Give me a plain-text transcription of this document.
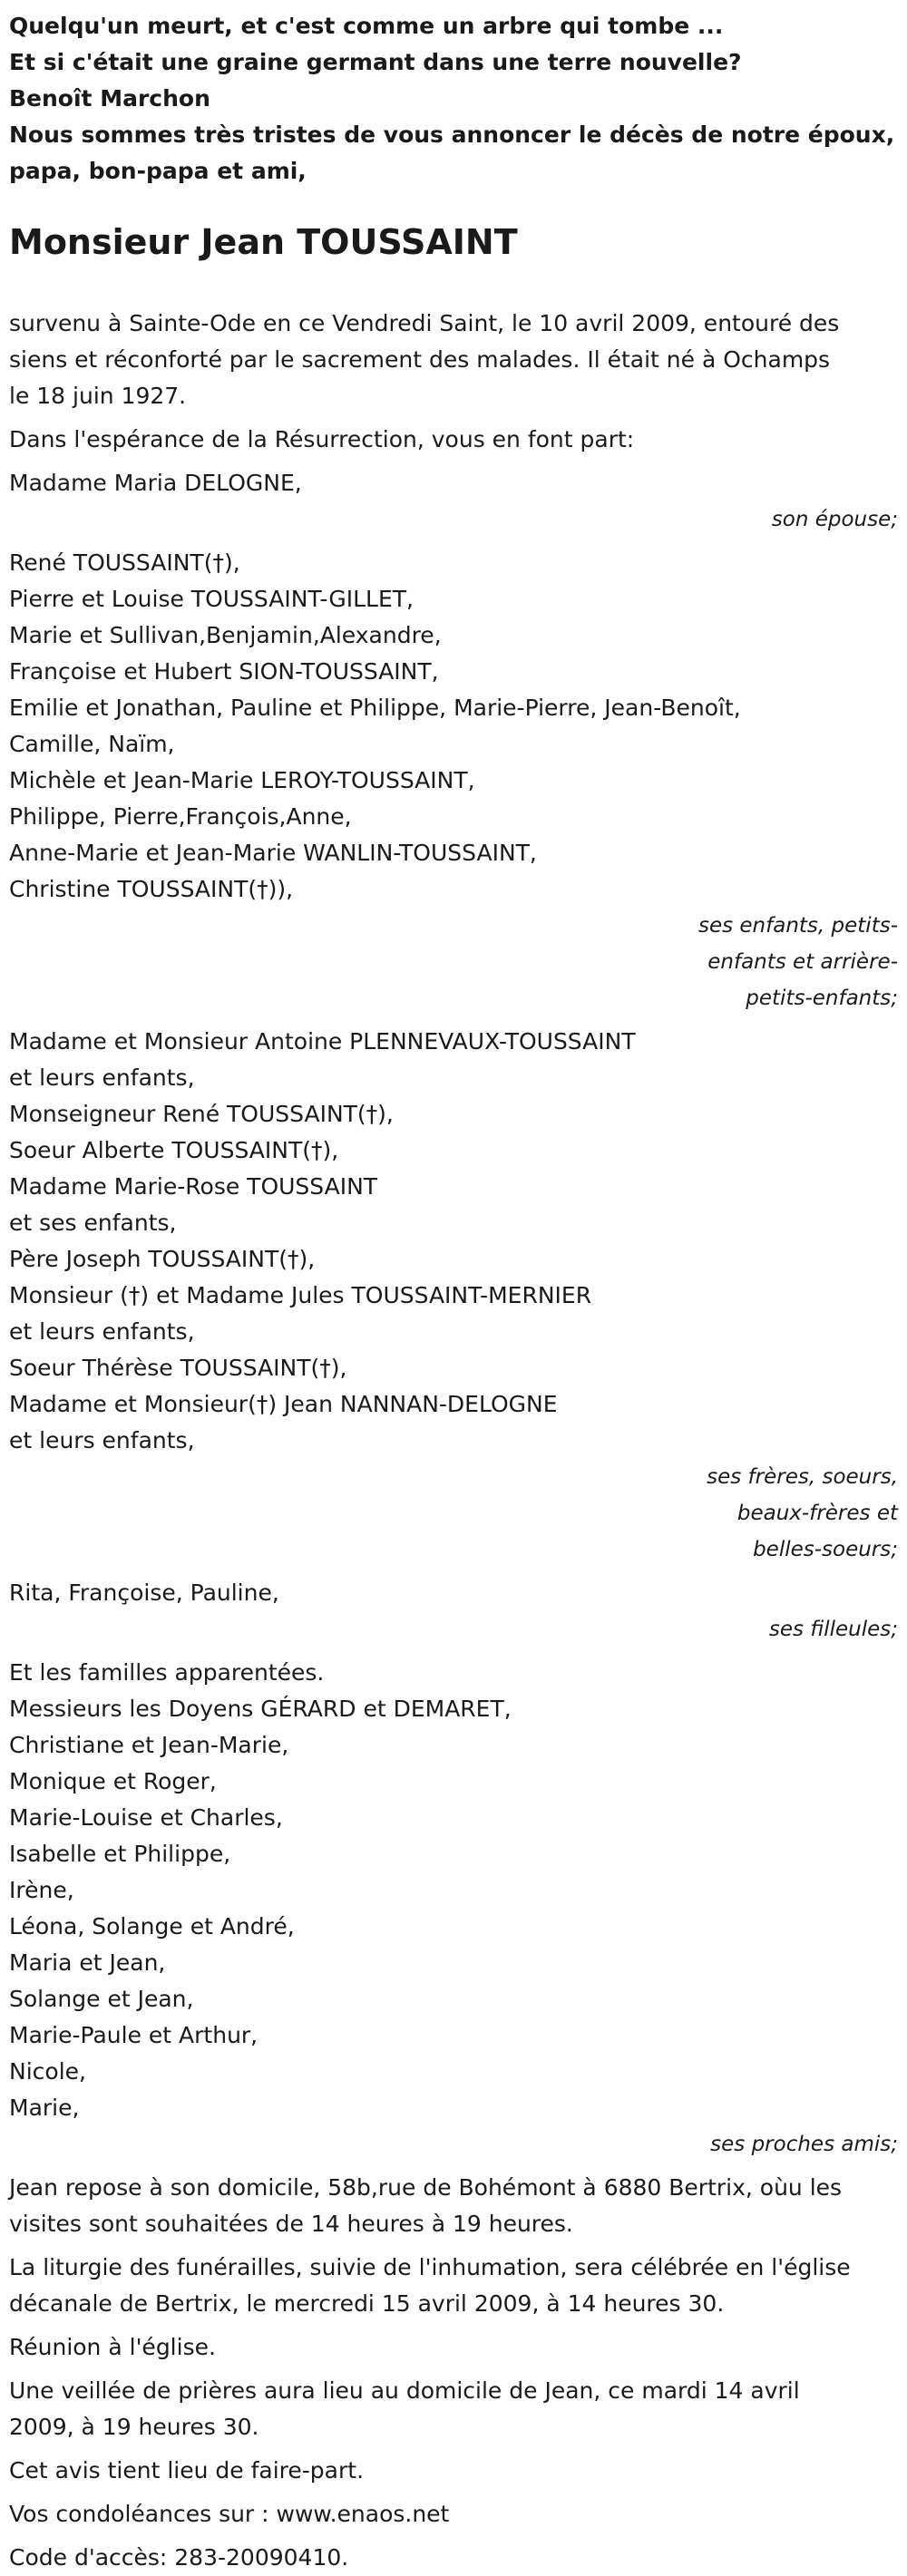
Quelqu'un meurt, et c'est comme un arbre qui tombe ...

Et si c'était une graine germant dans une terre nouvelle?

Benoît Marchon

Nous sommes très tristes de vous annoncer le décès de notre époux,

papa, bon-papa et ami,

Monsieur Jean TOUSSAINT

survenu à Sainte-Ode en ce Vendredi Saint, le 10 avril 2009, entouré des

siens et réconforté par le sacrement des malades. Il était né à Ochamps

le 18 juin 1927.

Dans l'espérance de la Résurrection, vous en font part:

Madame Maria DELOGNE,

son épouse;

René TOUSSAINT(†),

Pierre et Louise TOUSSAINT-GILLET,

Marie et Sullivan,Benjamin,Alexandre,

Françoise et Hubert SION-TOUSSAINT,

Emilie et Jonathan, Pauline et Philippe, Marie-Pierre, Jean-Benoît,

Camille, Naïm,

Michèle et Jean-Marie LEROY-TOUSSAINT,

Philippe, Pierre,François,Anne,

Anne-Marie et Jean-Marie WANLIN-TOUSSAINT,

Christine TOUSSAINT(†)),

ses enfants, petits-

enfants et arrière-

petits-enfants;

Madame et Monsieur Antoine PLENNEVAUX-TOUSSAINT

et leurs enfants,

Monseigneur René TOUSSAINT(†),

Soeur Alberte TOUSSAINT(†),

Madame Marie-Rose TOUSSAINT

et ses enfants,

Père Joseph TOUSSAINT(†),

Monsieur (†) et Madame Jules TOUSSAINT-MERNIER

et leurs enfants,

Soeur Thérèse TOUSSAINT(†),

Madame et Monsieur(†) Jean NANNAN-DELOGNE

et leurs enfants,

ses frères, soeurs,

beaux-frères et

belles-soeurs;

Rita, Françoise, Pauline,

ses filleules;

Et les familles apparentées.

Messieurs les Doyens GÉRARD et DEMARET,

Christiane et Jean-Marie,

Monique et Roger,

Marie-Louise et Charles,

Isabelle et Philippe,

Irène,

Léona, Solange et André,

Maria et Jean,

Solange et Jean,

Marie-Paule et Arthur,

Nicole,

Marie,

ses proches amis;

Jean repose à son domicile, 58b,rue de Bohémont à 6880 Bertrix, oùu les

visites sont souhaitées de 14 heures à 19 heures.

La liturgie des funérailles, suivie de l'inhumation, sera célébrée en l'église

décanale de Bertrix, le mercredi 15 avril 2009, à 14 heures 30.

Réunion à l'église.

Une veillée de prières aura lieu au domicile de Jean, ce mardi 14 avril

2009, à 19 heures 30.

Cet avis tient lieu de faire-part.

Vos condoléances sur : www.enaos.net

Code d'accès: 283-20090410.
